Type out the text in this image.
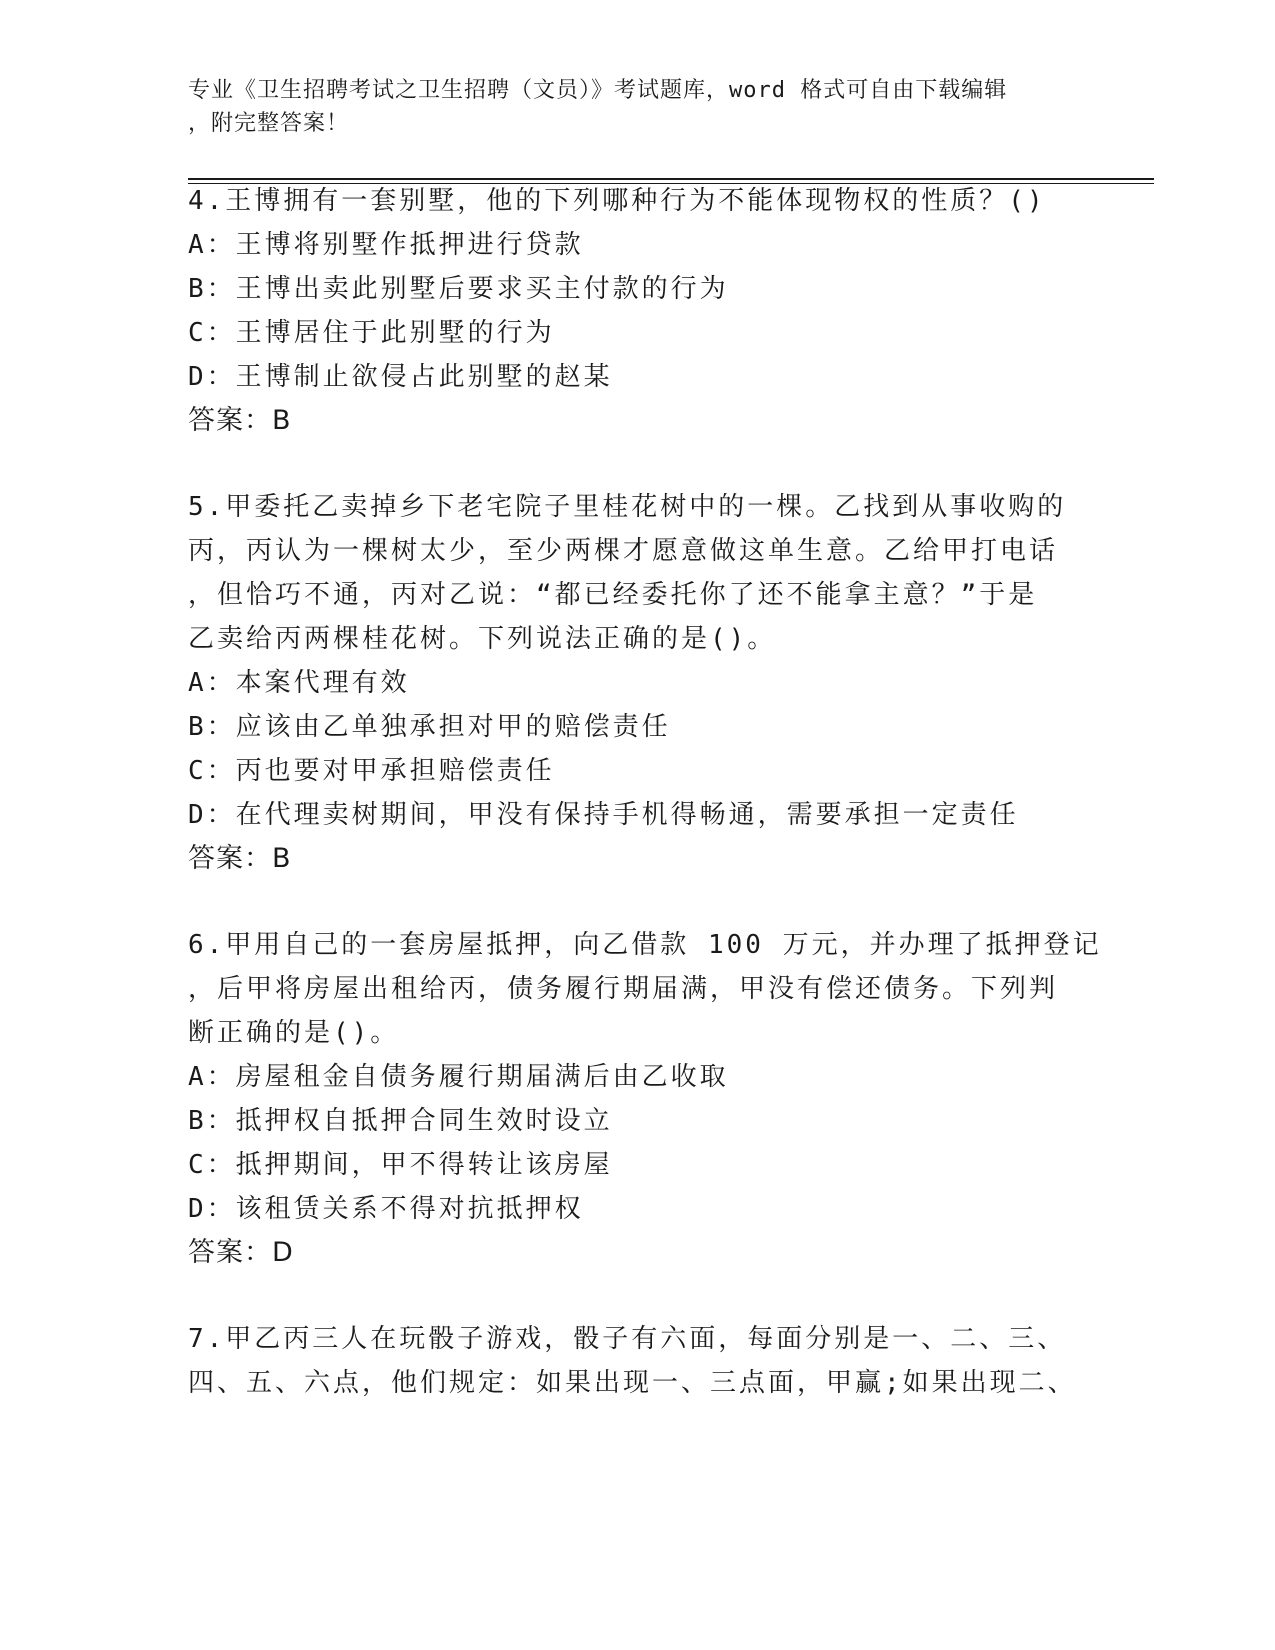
专业《卫生招聘考试之卫生招聘（文员）》考试题库，word 格式可自由下载编辑
，附完整答案！
4.王博拥有一套别墅，他的下列哪种行为不能体现物权的性质？()
A：王博将别墅作抵押进行贷款
B：王博出卖此别墅后要求买主付款的行为
C：王博居住于此别墅的行为
D：王博制止欲侵占此别墅的赵某
答案：B
5.甲委托乙卖掉乡下老宅院子里桂花树中的一棵。乙找到从事收购的
丙，丙认为一棵树太少，至少两棵才愿意做这单生意。乙给甲打电话
，但恰巧不通，丙对乙说：“都已经委托你了还不能拿主意？”于是
乙卖给丙两棵桂花树。下列说法正确的是()。
A：本案代理有效
B：应该由乙单独承担对甲的赔偿责任
C：丙也要对甲承担赔偿责任
D：在代理卖树期间，甲没有保持手机得畅通，需要承担一定责任
答案：B
6.甲用自己的一套房屋抵押，向乙借款 100 万元，并办理了抵押登记
，后甲将房屋出租给丙，债务履行期届满，甲没有偿还债务。下列判
断正确的是()。
A：房屋租金自债务履行期届满后由乙收取
B：抵押权自抵押合同生效时设立
C：抵押期间，甲不得转让该房屋
D：该租赁关系不得对抗抵押权
答案：D
7.甲乙丙三人在玩骰子游戏，骰子有六面，每面分别是一、二、三、
四、五、六点，他们规定：如果出现一、三点面，甲赢;如果出现二、
